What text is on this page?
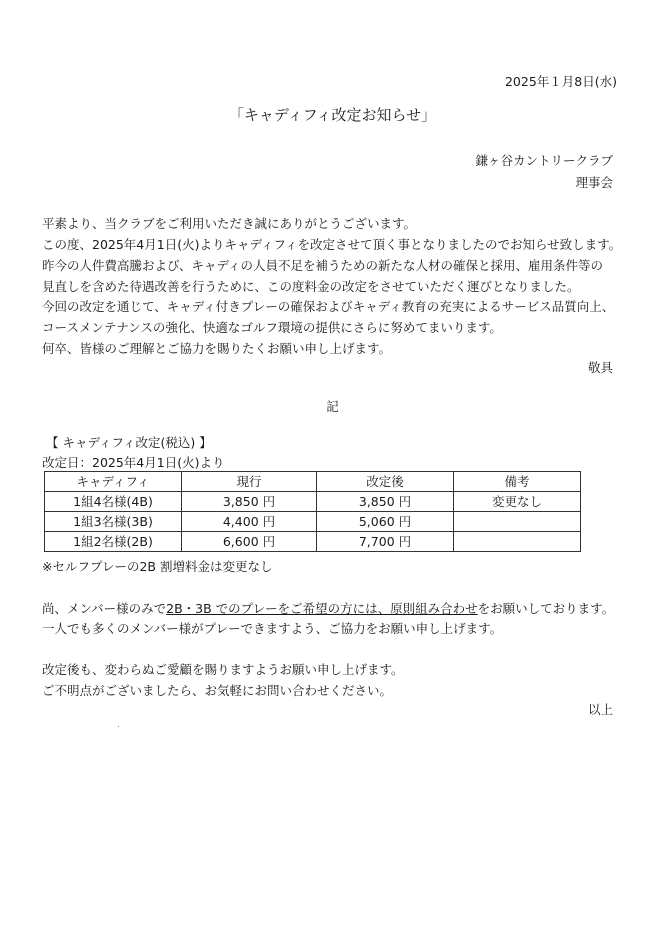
2025年１月8日(水)
「キャディフィ改定お知らせ」
鎌ヶ谷カントリークラブ
理事会
平素より、当クラブをご利用いただき誠にありがとうございます。
この度、2025年4月1日(火)よりキャディフィを改定させて頂く事となりましたのでお知らせ致します。
昨今の人件費高騰および、キャディの人員不足を補うための新たな人材の確保と採用、雇用条件等の
見直しを含めた待遇改善を行うために、この度料金の改定をさせていただく運びとなりました。
今回の改定を通じて、キャディ付きプレーの確保およびキャディ教育の充実によるサービス品質向上、
コースメンテナンスの強化、快適なゴルフ環境の提供にさらに努めてまいります。
何卒、皆様のご理解とご協力を賜りたくお願い申し上げます。
敬具
記
【 キャディフィ改定(税込) 】
改定日：2025年4月1日(火)より
キャディフィ	現行	改定後	備考
1組4名様(4B)	3,850 円	3,850 円	変更なし
1組3名様(3B)	4,400 円	5,060 円	
1組2名様(2B)	6,600 円	7,700 円	
※セルフプレーの2B 割増料金は変更なし
尚、メンバー様のみで2B・3B でのプレーをご希望の方には、原則組み合わせをお願いしております。
一人でも多くのメンバー様がプレーできますよう、ご協力をお願い申し上げます。
改定後も、変わらぬご愛顧を賜りますようお願い申し上げます。
ご不明点がございましたら、お気軽にお問い合わせください。
以上
